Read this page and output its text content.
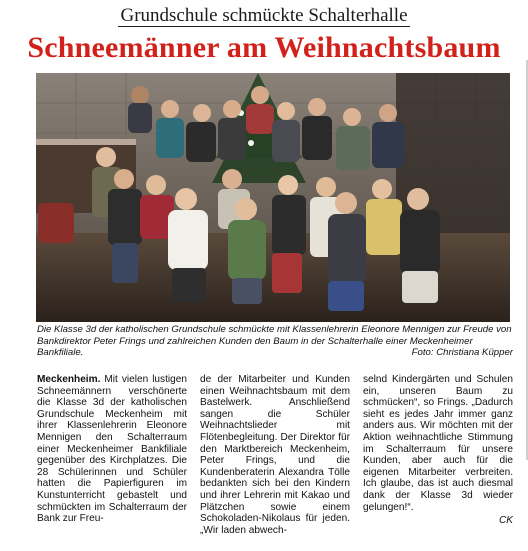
Grundschule schmückte Schalterhalle
Schneemänner am Weihnachtsbaum
Die Klasse 3d der katholischen Grundschule schmückte mit Klassenlehrerin Eleonore Mennigen zur Freude von Bankdirektor Peter Frings und zahlreichen Kunden den Baum in der Schalterhalle einer Meckenheimer Bankfiliale.	Foto: Christiana Küpper
Meckenheim. Mit vielen lustigen Schneemännern verschönerte die Klasse 3d der katholischen Grundschule Meckenheim mit ihrer Klassenlehrerin Eleonore Mennigen den Schalterraum einer Meckenheimer Bankfiliale gegenüber des Kirchplatzes. Die 28 Schülerinnen und Schüler hatten die Papierfiguren im Kunstunterricht gebastelt und schmückten im Schalterraum der Bank zur Freu-
de der Mitarbeiter und Kunden einen Weihnachtsbaum mit dem Bastelwerk. Anschließend sangen die Schüler Weihnachtslieder mit Flötenbegleitung. Der Direktor für den Marktbereich Meckenheim, Peter Frings, und die Kundenberaterin Alexandra Tölle bedankten sich bei den Kindern und ihrer Lehrerin mit Kakao und Plätzchen sowie einem Schokoladen-Nikolaus für jeden. „Wir laden abwech-
selnd Kindergärten und Schulen ein, unseren Baum zu schmücken“, so Frings. „Dadurch sieht es jedes Jahr immer ganz anders aus. Wir möchten mit der Aktion weihnachtliche Stimmung im Schalterraum für unsere Kunden, aber auch für die eigenen Mitarbeiter verbreiten. Ich glaube, das ist auch diesmal dank der Klasse 3d wieder gelungen!“.
CK
